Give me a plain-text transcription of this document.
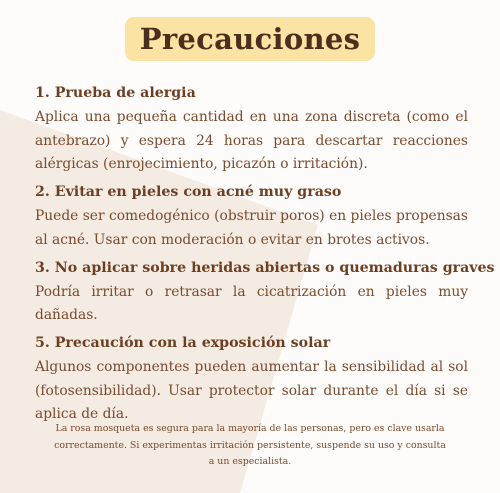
Precauciones

1. Prueba de alergia

Aplica una pequeña cantidad en una zona discreta (como el antebrazo) y espera 24 horas para descartar reacciones alérgicas (enrojecimiento, picazón o irritación).

2. Evitar en pieles con acné muy graso

Puede ser comedogénico (obstruir poros) en pieles propensas al acné. Usar con moderación o evitar en brotes activos.

3. No aplicar sobre heridas abiertas o quemaduras graves

Podría irritar o retrasar la cicatrización en pieles muy dañadas.

5. Precaución con la exposición solar

Algunos componentes pueden aumentar la sensibilidad al sol (fotosensibilidad). Usar protector solar durante el día si se aplica de día.

La rosa mosqueta es segura para la mayoría de las personas, pero es clave usarla correctamente. Si experimentas irritación persistente, suspende su uso y consulta a un especialista.
